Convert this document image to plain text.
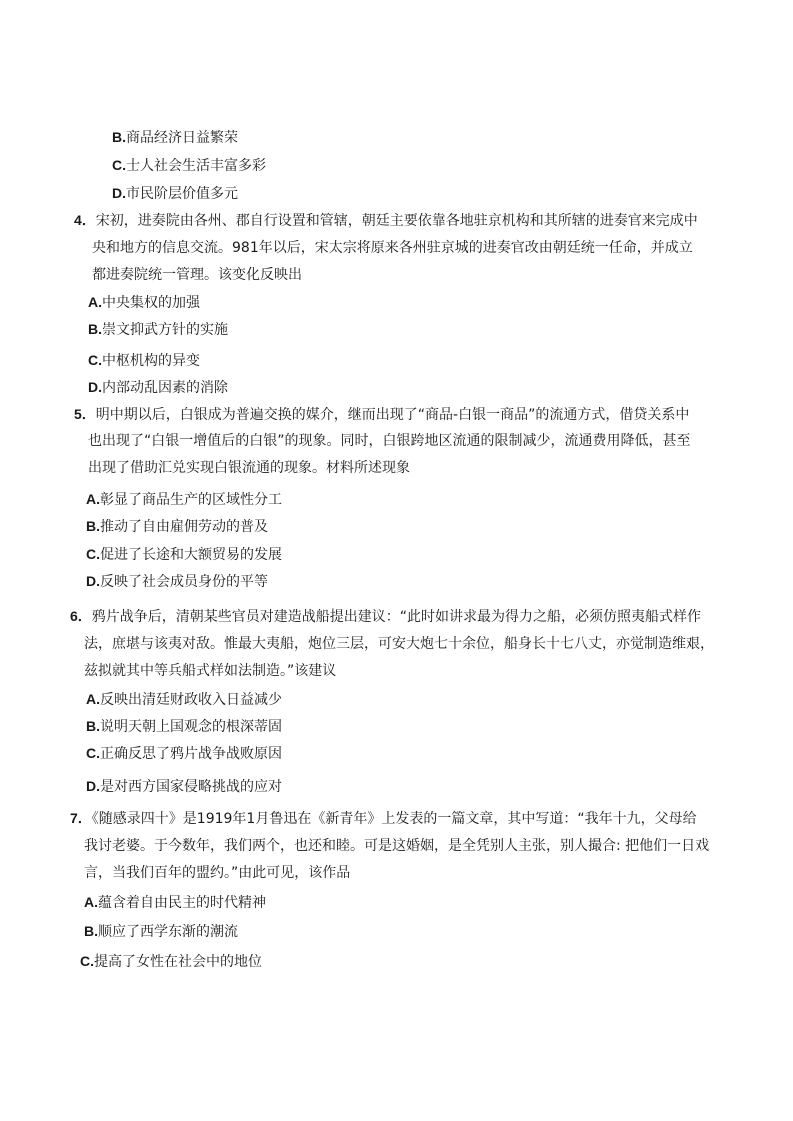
B.商品经济日益繁荣
C.士人社会生活丰富多彩
D.市民阶层价值多元
4．宋初，进奏院由各州、郡自行设置和管辖，朝廷主要依靠各地驻京机构和其所辖的进奏官来完成中
央和地方的信息交流。981年以后，宋太宗将原来各州驻京城的进奏官改由朝廷统一任命，并成立
都进奏院统一管理。该变化反映出
A.中央集权的加强
B.崇文抑武方针的实施
C.中枢机构的异变
D.内部动乱因素的消除
5．明中期以后，白银成为普遍交换的媒介，继而出现了“商品-白银一商品”的流通方式，借贷关系中
也出现了“白银一增值后的白银”的现象。同时，白银跨地区流通的限制减少，流通费用降低，甚至
出现了借助汇兑实现白银流通的现象。材料所述现象
A.彰显了商品生产的区域性分工
B.推动了自由雇佣劳动的普及
C.促进了长途和大额贸易的发展
D.反映了社会成员身份的平等
6．鸦片战争后，清朝某些官员对建造战船提出建议：“此时如讲求最为得力之船，必须仿照夷船式样作
法，庶堪与该夷对敌。惟最大夷船，炮位三层，可安大炮七十余位，船身长十七八丈，亦觉制造维艰，
兹拟就其中等兵船式样如法制造。”该建议
A.反映出清廷财政收入日益减少
B.说明天朝上国观念的根深蒂固
C.正确反思了鸦片战争战败原因
D.是对西方国家侵略挑战的应对
7．《随感录四十》是1919年1月鲁迅在《新青年》上发表的一篇文章，其中写道：“我年十九，父母给
我讨老婆。于今数年，我们两个，也还和睦。可是这婚姻，是全凭别人主张，别人撮合: 把他们一日戏
言，当我们百年的盟约。”由此可见，该作品
A.蕴含着自由民主的时代精神
B.顺应了西学东渐的潮流
C.提高了女性在社会中的地位
